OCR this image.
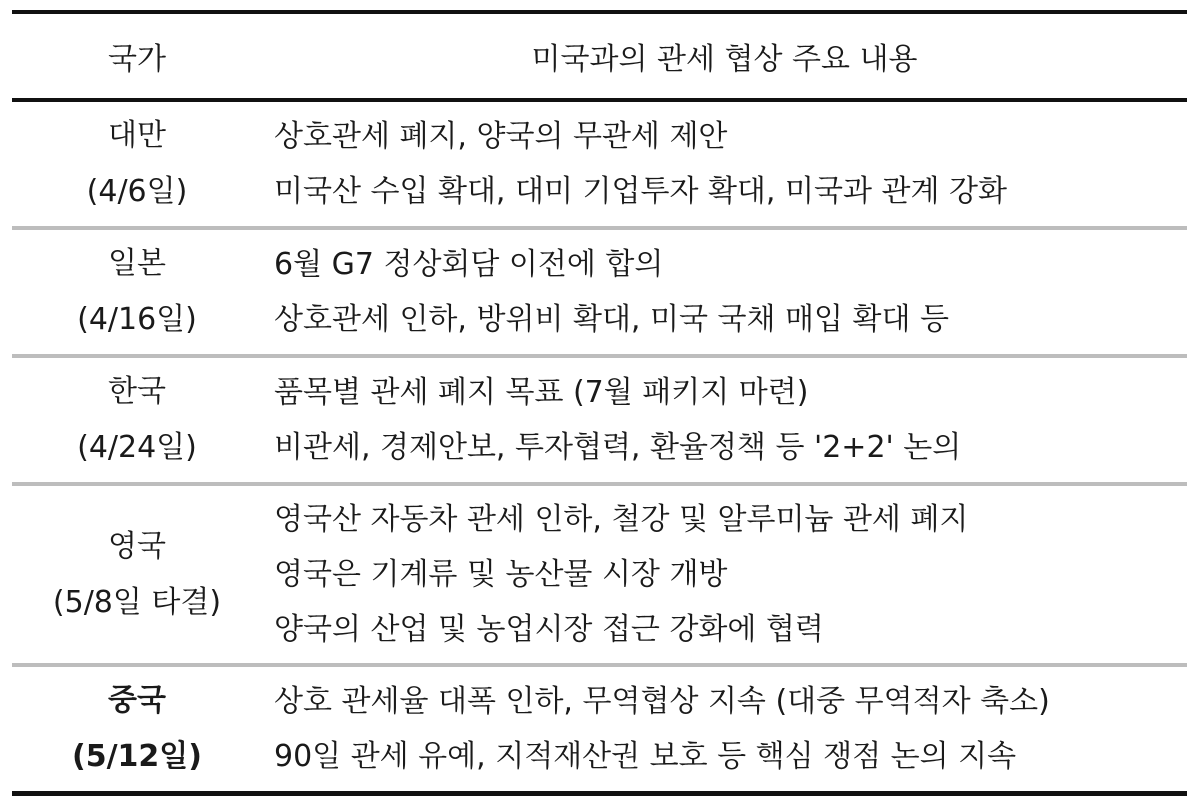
국가	미국과의 관세 협상 주요 내용
대만
(4/6일)
상호관세 폐지, 양국의 무관세 제안
미국산 수입 확대, 대미 기업투자 확대, 미국과 관계 강화
일본
(4/16일)
6월 G7 정상회담 이전에 합의
상호관세 인하, 방위비 확대, 미국 국채 매입 확대 등
한국
(4/24일)
품목별 관세 폐지 목표 (7월 패키지 마련)
비관세, 경제안보, 투자협력, 환율정책 등 '2+2' 논의
영국
(5/8일 타결)
영국산 자동차 관세 인하, 철강 및 알루미늄 관세 폐지
영국은 기계류 및 농산물 시장 개방
양국의 산업 및 농업시장 접근 강화에 협력
중국
(5/12일)
상호 관세율 대폭 인하, 무역협상 지속 (대중 무역적자 축소)
90일 관세 유예, 지적재산권 보호 등 핵심 쟁점 논의 지속
